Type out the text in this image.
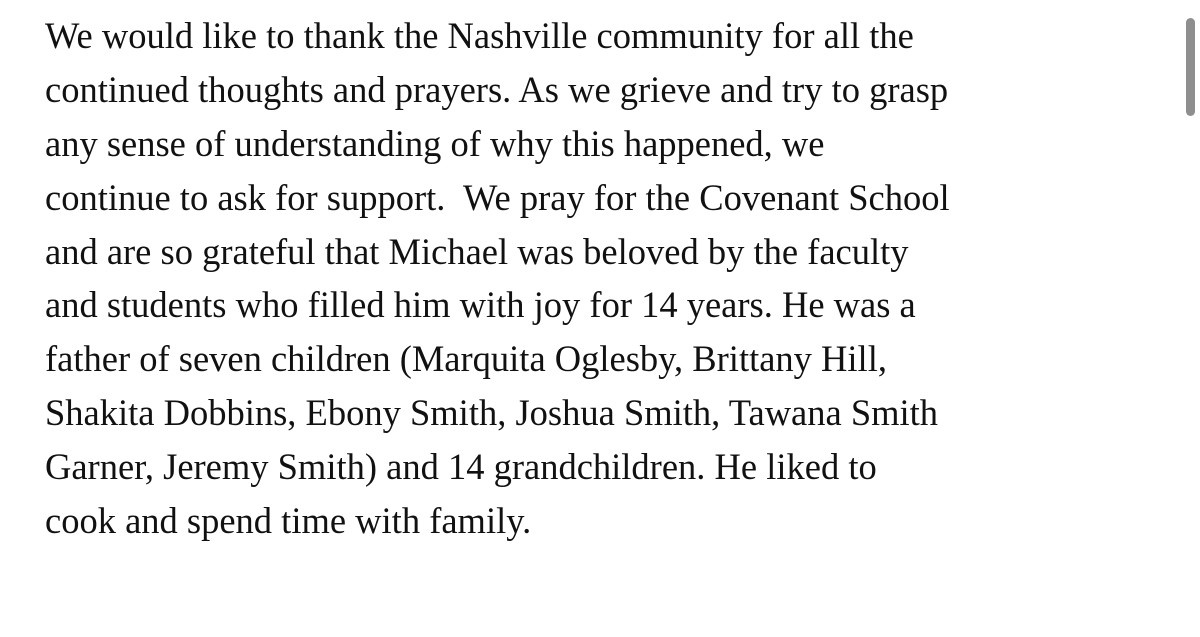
We would like to thank the Nashville community for all the
continued thoughts and prayers. As we grieve and try to grasp
any sense of understanding of why this happened, we
continue to ask for support.  We pray for the Covenant School
and are so grateful that Michael was beloved by the faculty
and students who filled him with joy for 14 years. He was a
father of seven children (Marquita Oglesby, Brittany Hill,
Shakita Dobbins, Ebony Smith, Joshua Smith, Tawana Smith
Garner, Jeremy Smith) and 14 grandchildren. He liked to
cook and spend time with family.
